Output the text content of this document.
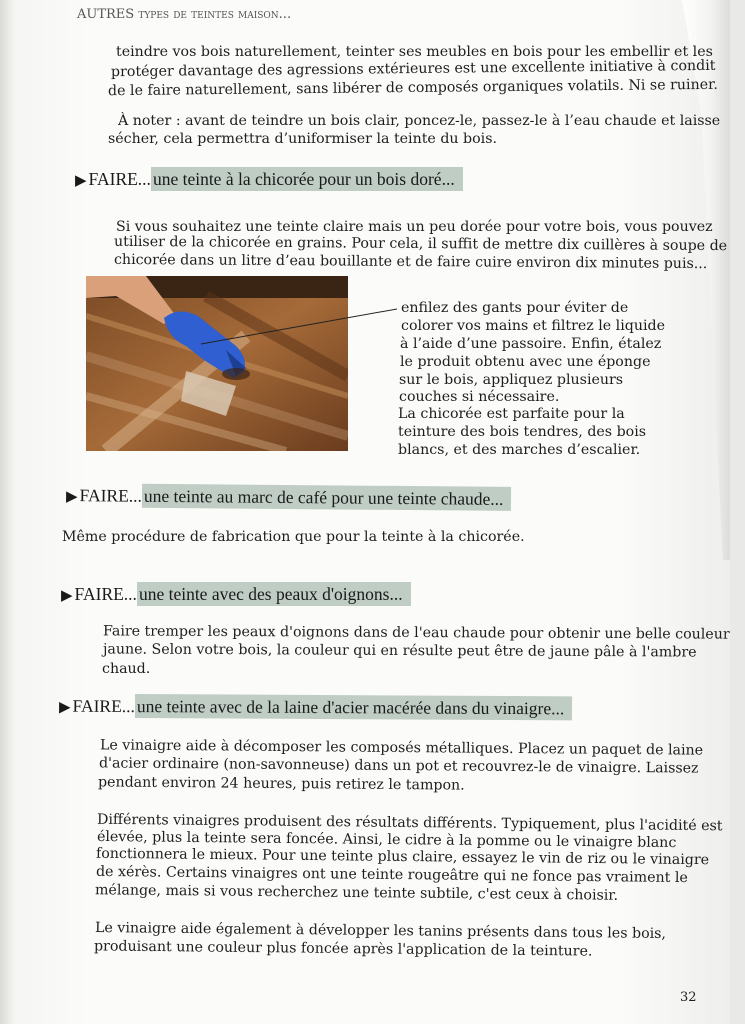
AUTRES types de teintes maison...
teindre vos bois naturellement, teinter ses meubles en bois pour les embellir et les
protéger davantage des agressions extérieures est une excellente initiative à condit
de le faire naturellement, sans libérer de composés organiques volatils. Ni se ruiner.
À noter : avant de teindre un bois clair, poncez-le, passez-le à l’eau chaude et laisse
sécher, cela permettra d’uniformiser la teinte du bois.
▶ FAIRE... une teinte à la chicorée pour un bois doré...
Si vous souhaitez une teinte claire mais un peu dorée pour votre bois, vous pouvez
utiliser de la chicorée en grains. Pour cela, il suffit de mettre dix cuillères à soupe de
chicorée dans un litre d’eau bouillante et de faire cuire environ dix minutes puis...
enfilez des gants pour éviter de
colorer vos mains et filtrez le liquide
à l’aide d’une passoire. Enfin, étalez
le produit obtenu avec une éponge
sur le bois, appliquez plusieurs
couches si nécessaire.
La chicorée est parfaite pour la
teinture des bois tendres, des bois
blancs, et des marches d’escalier.
▶ FAIRE... une teinte au marc de café pour une teinte chaude...
Même procédure de fabrication que pour la teinte à la chicorée.
▶ FAIRE... une teinte avec des peaux d'oignons...
Faire tremper les peaux d'oignons dans de l'eau chaude pour obtenir une belle couleur
jaune. Selon votre bois, la couleur qui en résulte peut être de jaune pâle à l'ambre
chaud.
▶ FAIRE... une teinte avec de la laine d'acier macérée dans du vinaigre...
Le vinaigre aide à décomposer les composés métalliques. Placez un paquet de laine
d'acier ordinaire (non-savonneuse) dans un pot et recouvrez-le de vinaigre. Laissez
pendant environ 24 heures, puis retirez le tampon.
Différents vinaigres produisent des résultats différents. Typiquement, plus l'acidité est
élevée, plus la teinte sera foncée. Ainsi, le cidre à la pomme ou le vinaigre blanc
fonctionnera le mieux. Pour une teinte plus claire, essayez le vin de riz ou le vinaigre
de xérès. Certains vinaigres ont une teinte rougeâtre qui ne fonce pas vraiment le
mélange, mais si vous recherchez une teinte subtile, c'est ceux à choisir.
Le vinaigre aide également à développer les tanins présents dans tous les bois,
produisant une couleur plus foncée après l'application de la teinture.
32
